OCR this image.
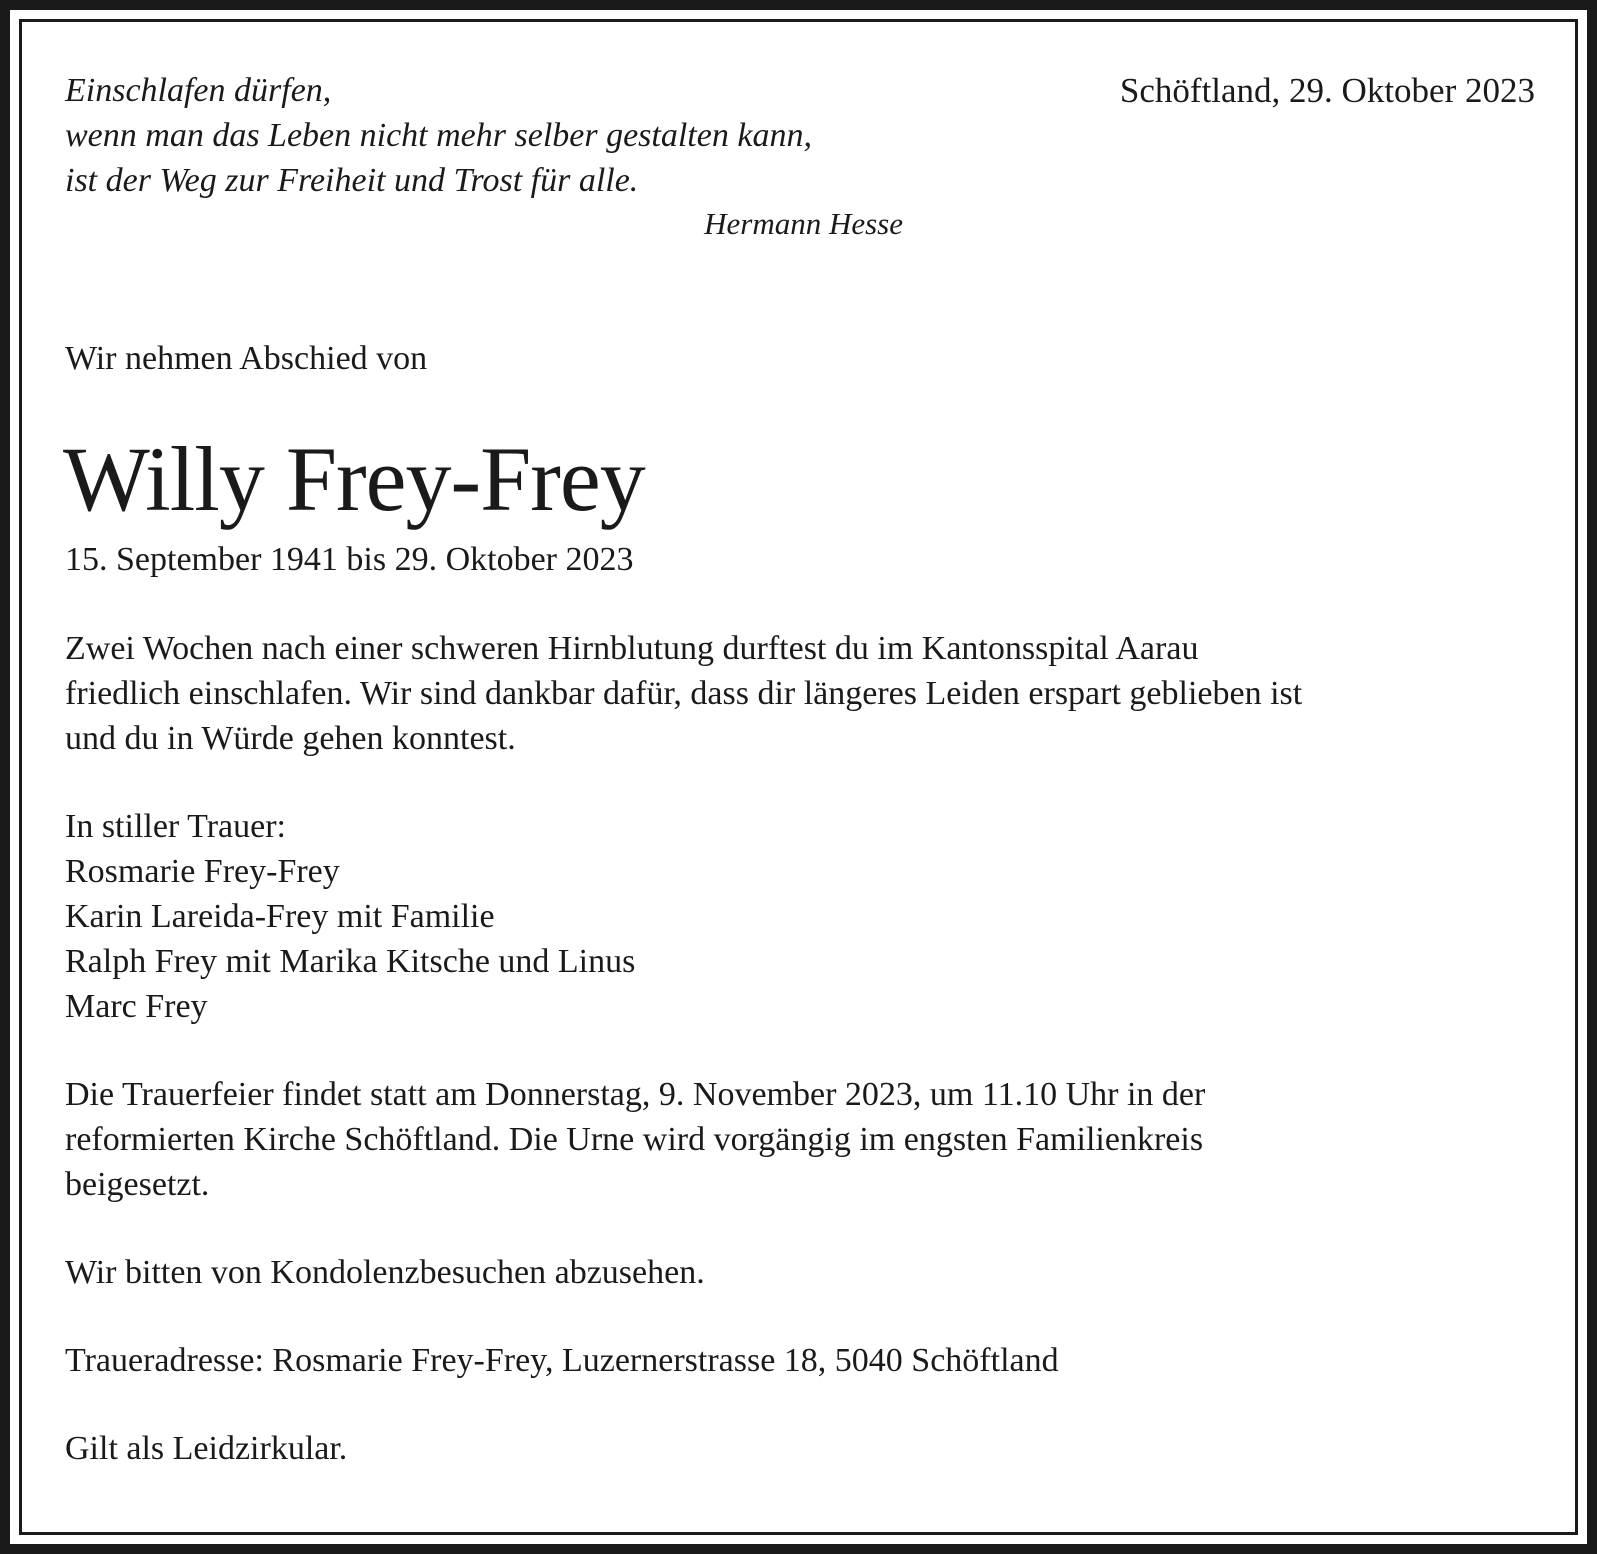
Einschlafen dürfen,
wenn man das Leben nicht mehr selber gestalten kann,
ist der Weg zur Freiheit und Trost für alle.
Hermann Hesse
Schöftland, 29. Oktober 2023
Wir nehmen Abschied von
Willy Frey-Frey
15. September 1941 bis 29. Oktober 2023
Zwei Wochen nach einer schweren Hirnblutung durftest du im Kantonsspital Aarau
friedlich einschlafen. Wir sind dankbar dafür, dass dir längeres Leiden erspart geblieben ist
und du in Würde gehen konntest.
In stiller Trauer:
Rosmarie Frey-Frey
Karin Lareida-Frey mit Familie
Ralph Frey mit Marika Kitsche und Linus
Marc Frey
Die Trauerfeier findet statt am Donnerstag, 9. November 2023, um 11.10 Uhr in der
reformierten Kirche Schöftland. Die Urne wird vorgängig im engsten Familienkreis
beigesetzt.
Wir bitten von Kondolenzbesuchen abzusehen.
Traueradresse: Rosmarie Frey-Frey, Luzernerstrasse 18, 5040 Schöftland
Gilt als Leidzirkular.
